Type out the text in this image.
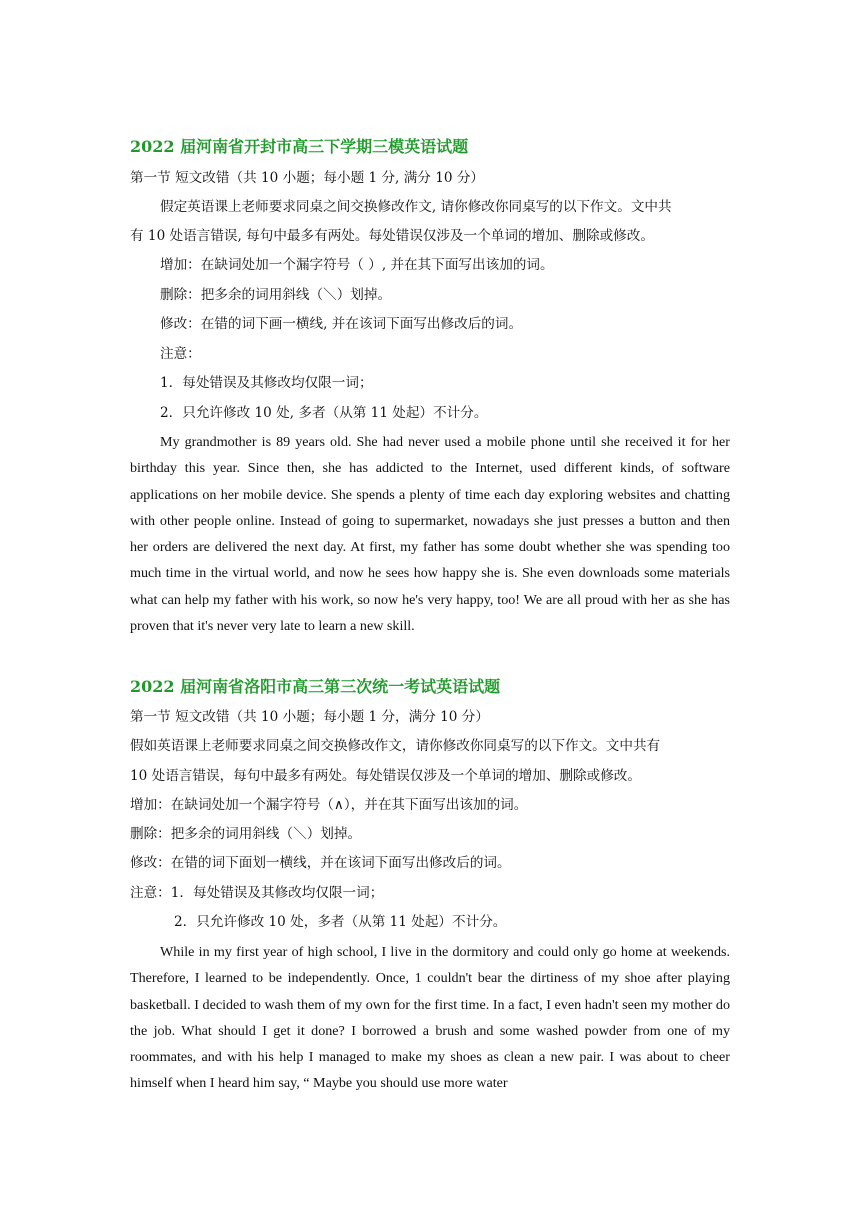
2022 届河南省开封市高三下学期三模英语试题
第一节 短文改错（共 10 小题；每小题 1 分, 满分 10 分）
假定英语课上老师要求同桌之间交换修改作文, 请你修改你同桌写的以下作文。文中共
有 10 处语言错误, 每句中最多有两处。每处错误仅涉及一个单词的增加、删除或修改。
增加：在缺词处加一个漏字符号（ ）, 并在其下面写出该加的词。
删除：把多余的词用斜线（＼）划掉。
修改：在错的词下画一横线, 并在该词下面写出修改后的词。
注意：
1．每处错误及其修改均仅限一词；
2．只允许修改 10 处, 多者（从第 11 处起）不计分。

My grandmother is 89 years old. She had never used a mobile phone until she received it for her birthday this year. Since then, she has addicted to the Internet, used different kinds, of software applications on her mobile device. She spends a plenty of time each day exploring websites and chatting with other people online. Instead of going to supermarket, nowadays she just presses a button and then her orders are delivered the next day. At first, my father has some doubt whether she was spending too much time in the virtual world, and now he sees how happy she is. She even downloads some materials what can help my father with his work, so now he's very happy, too! We are all proud with her as she has proven that it's never very late to learn a new skill.

2022 届河南省洛阳市高三第三次统一考试英语试题
第一节 短文改错（共 10 小题；每小题 1 分，满分 10 分）
假如英语课上老师要求同桌之间交换修改作文，请你修改你同桌写的以下作文。文中共有
10 处语言错误，每句中最多有两处。每处错误仅涉及一个单词的增加、删除或修改。
增加：在缺词处加一个漏字符号（∧），并在其下面写出该加的词。
删除：把多余的词用斜线（＼）划掉。
修改：在错的词下面划一横线，并在该词下面写出修改后的词。
注意：1．每处错误及其修改均仅限一词；
2．只允许修改 10 处，多者（从第 11 处起）不计分。

While in my first year of high school, I live in the dormitory and could only go home at weekends. Therefore, I learned to be independently. Once, 1 couldn't bear the dirtiness of my shoe after playing basketball. I decided to wash them of my own for the first time. In a fact, I even hadn't seen my mother do the job. What should I get it done? I borrowed a brush and some washed powder from one of my roommates, and with his help I managed to make my shoes as clean a new pair. I was about to cheer himself when I heard him say, “ Maybe you should use more water
